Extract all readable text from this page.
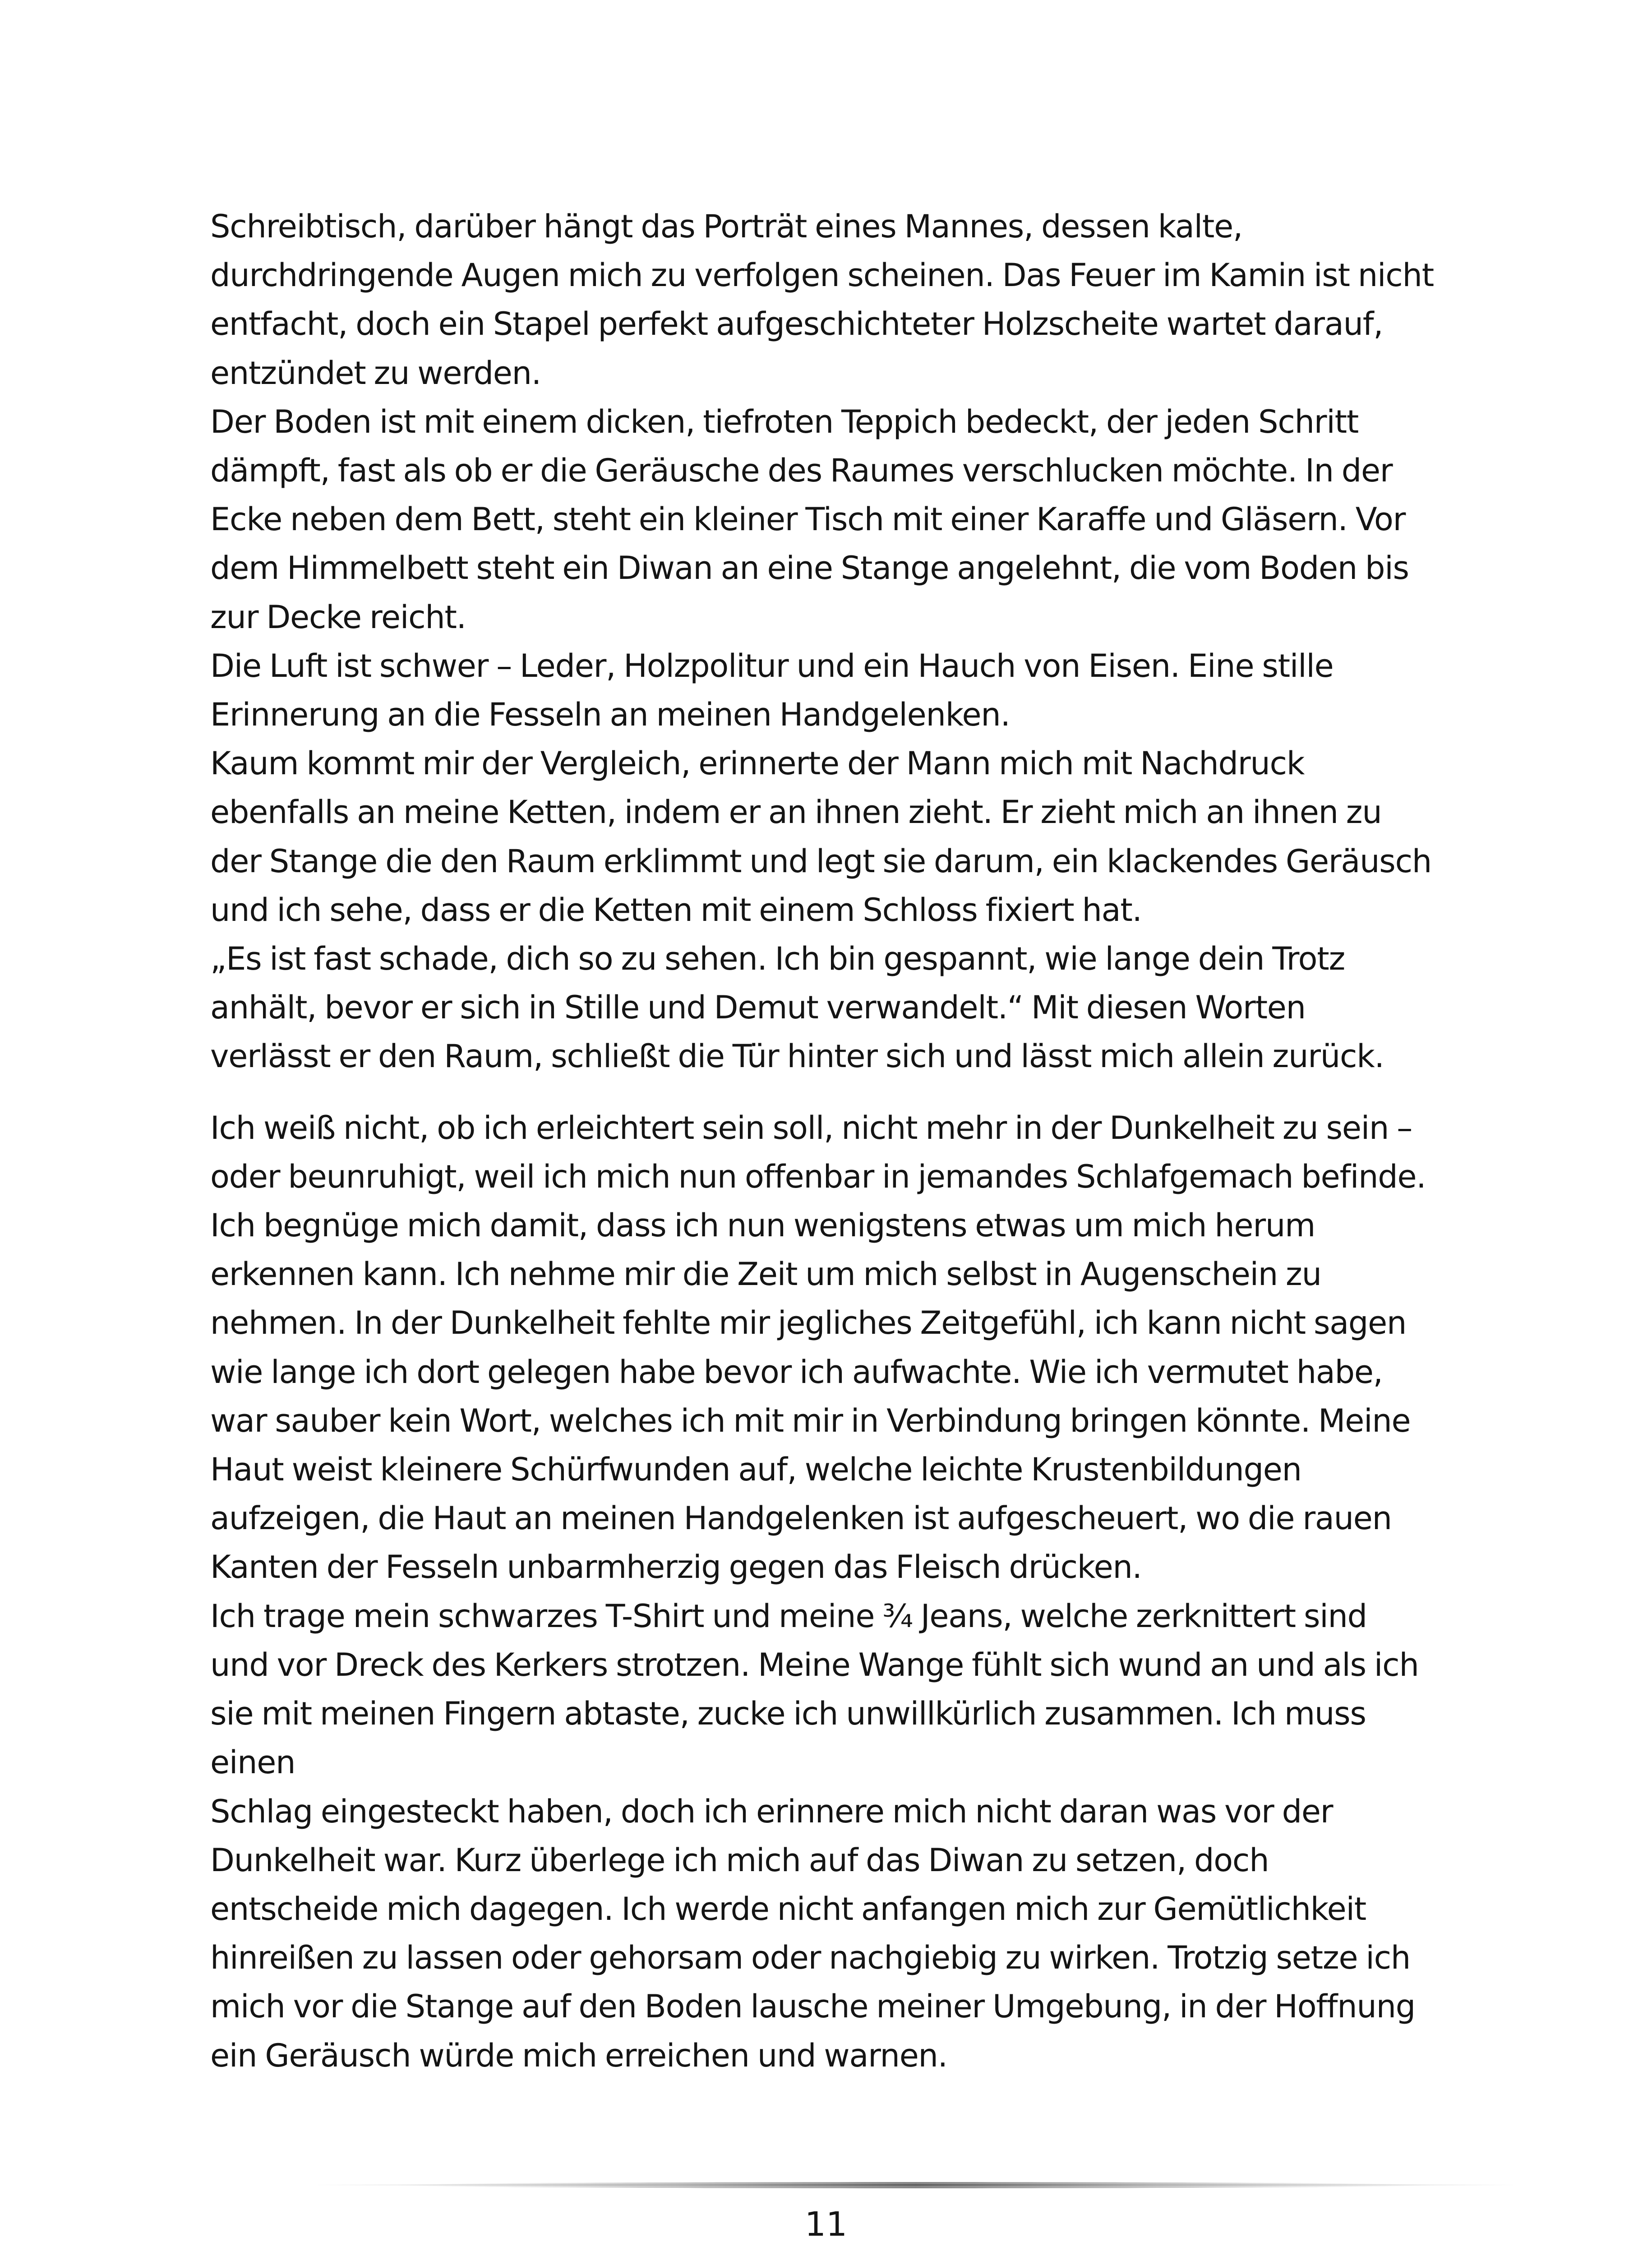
Schreibtisch, darüber hängt das Porträt eines Mannes, dessen kalte,
durchdringende Augen mich zu verfolgen scheinen. Das Feuer im Kamin ist nicht
entfacht, doch ein Stapel perfekt aufgeschichteter Holzscheite wartet darauf,
entzündet zu werden.

Der Boden ist mit einem dicken, tiefroten Teppich bedeckt, der jeden Schritt
dämpft, fast als ob er die Geräusche des Raumes verschlucken möchte. In der
Ecke neben dem Bett, steht ein kleiner Tisch mit einer Karaffe und Gläsern. Vor
dem Himmelbett steht ein Diwan an eine Stange angelehnt, die vom Boden bis
zur Decke reicht.

Die Luft ist schwer – Leder, Holzpolitur und ein Hauch von Eisen. Eine stille
Erinnerung an die Fesseln an meinen Handgelenken.

Kaum kommt mir der Vergleich, erinnerte der Mann mich mit Nachdruck
ebenfalls an meine Ketten, indem er an ihnen zieht. Er zieht mich an ihnen zu
der Stange die den Raum erklimmt und legt sie darum, ein klackendes Geräusch
und ich sehe, dass er die Ketten mit einem Schloss fixiert hat.

„Es ist fast schade, dich so zu sehen. Ich bin gespannt, wie lange dein Trotz
anhält, bevor er sich in Stille und Demut verwandelt.“ Mit diesen Worten
verlässt er den Raum, schließt die Tür hinter sich und lässt mich allein zurück.

Ich weiß nicht, ob ich erleichtert sein soll, nicht mehr in der Dunkelheit zu sein –
oder beunruhigt, weil ich mich nun offenbar in jemandes Schlafgemach befinde.
Ich begnüge mich damit, dass ich nun wenigstens etwas um mich herum
erkennen kann. Ich nehme mir die Zeit um mich selbst in Augenschein zu
nehmen. In der Dunkelheit fehlte mir jegliches Zeitgefühl, ich kann nicht sagen
wie lange ich dort gelegen habe bevor ich aufwachte. Wie ich vermutet habe,
war sauber kein Wort, welches ich mit mir in Verbindung bringen könnte. Meine
Haut weist kleinere Schürfwunden auf, welche leichte Krustenbildungen
aufzeigen, die Haut an meinen Handgelenken ist aufgescheuert, wo die rauen
Kanten der Fesseln unbarmherzig gegen das Fleisch drücken.

Ich trage mein schwarzes T-Shirt und meine ¾ Jeans, welche zerknittert sind
und vor Dreck des Kerkers strotzen. Meine Wange fühlt sich wund an und als ich
sie mit meinen Fingern abtaste, zucke ich unwillkürlich zusammen. Ich muss
einen

Schlag eingesteckt haben, doch ich erinnere mich nicht daran was vor der
Dunkelheit war. Kurz überlege ich mich auf das Diwan zu setzen, doch
entscheide mich dagegen. Ich werde nicht anfangen mich zur Gemütlichkeit
hinreißen zu lassen oder gehorsam oder nachgiebig zu wirken. Trotzig setze ich
mich vor die Stange auf den Boden lausche meiner Umgebung, in der Hoffnung
ein Geräusch würde mich erreichen und warnen.

11
